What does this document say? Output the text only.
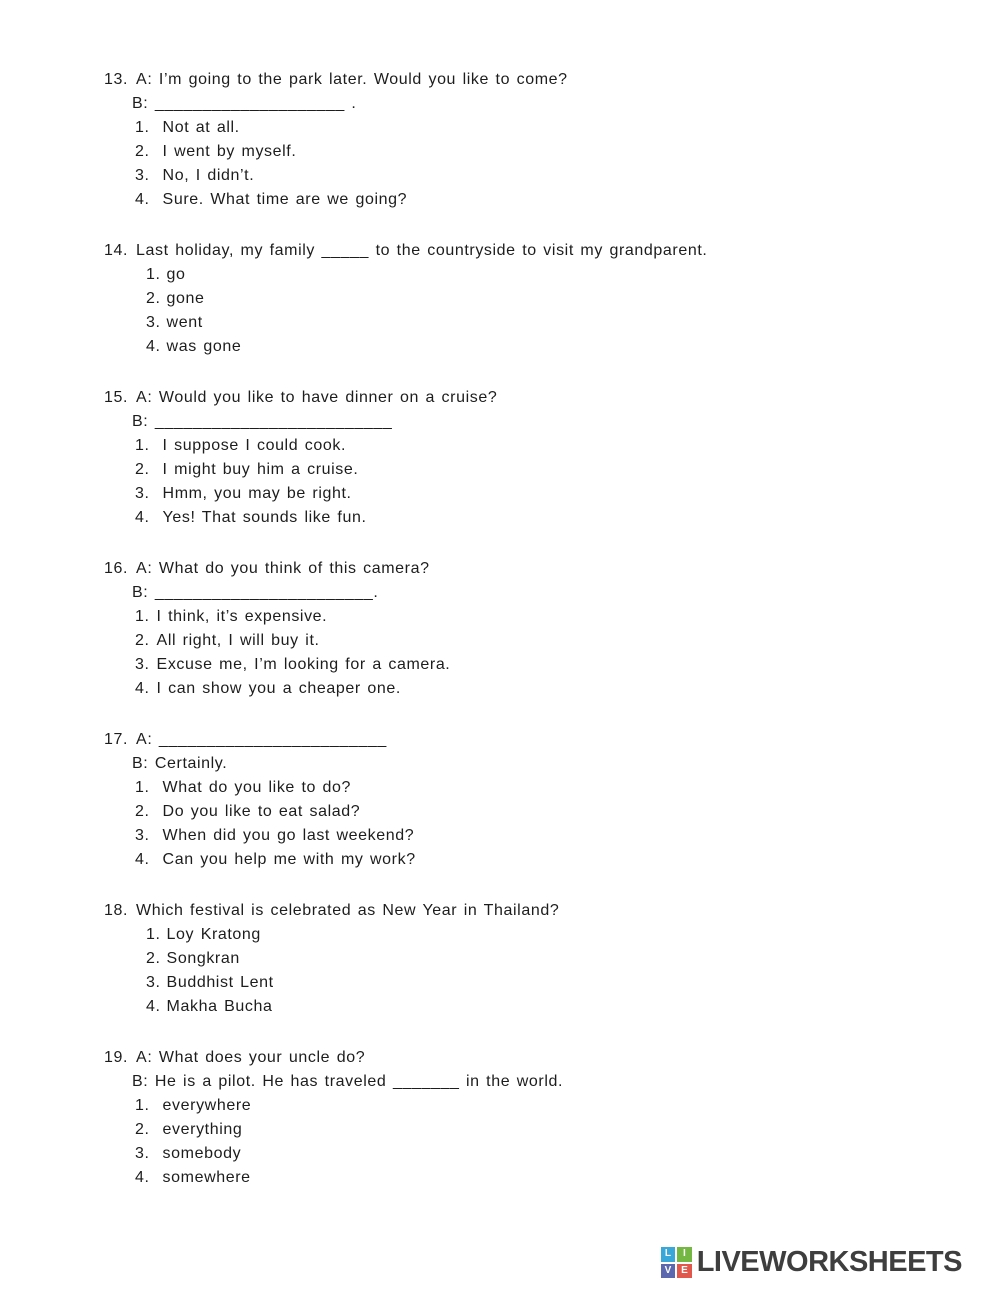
13. A: I’m going to the park later. Would you like to come?
B: ____________________ .
1. Not at all.
2. I went by myself.
3. No, I didn’t.
4. Sure. What time are we going?
14. Last holiday, my family _____ to the countryside to visit my grandparent.
1. go
2. gone
3. went
4. was gone
15. A: Would you like to have dinner on a cruise?
B: _________________________
1. I suppose I could cook.
2. I might buy him a cruise.
3. Hmm, you may be right.
4. Yes! That sounds like fun.
16. A: What do you think of this camera?
B: _______________________.
1. I think, it’s expensive.
2. All right, I will buy it.
3. Excuse me, I’m looking for a camera.
4. I can show you a cheaper one.
17. A: ________________________
B: Certainly.
1. What do you like to do?
2. Do you like to eat salad?
3. When did you go last weekend?
4. Can you help me with my work?
18. Which festival is celebrated as New Year in Thailand?
1. Loy Kratong
2. Songkran
3. Buddhist Lent
4. Makha Bucha
19. A: What does your uncle do?
B: He is a pilot. He has traveled _______ in the world.
1. everywhere
2. everything
3. somebody
4. somewhere
L	I
V E LIVEWORKSHEETS
